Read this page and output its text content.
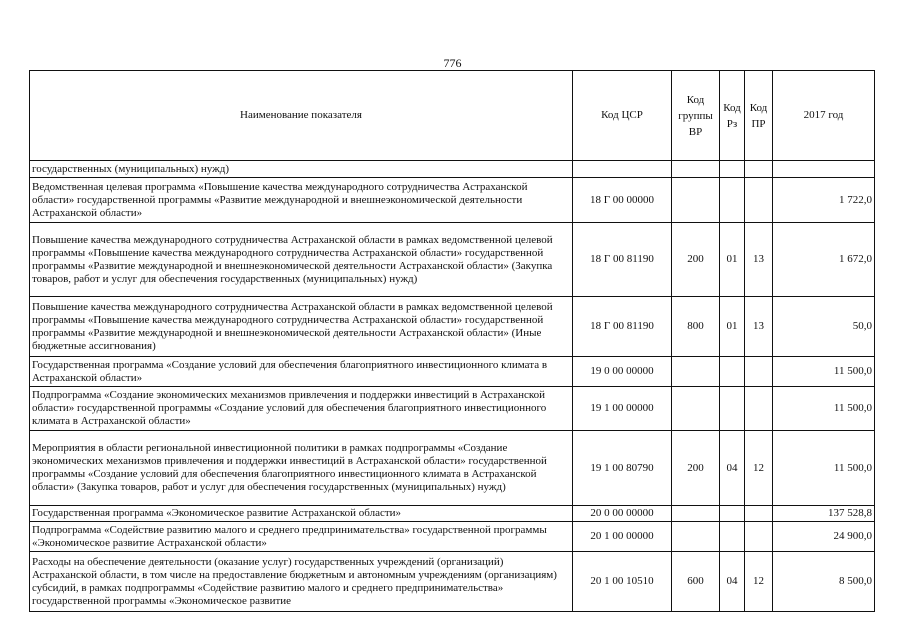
776
Наименование показателя	Код ЦСР	Код группы ВР	Код Рз	Код ПР	2017 год
государственных (муниципальных) нужд)					
Ведомственная целевая программа «Повышение качества международного сотрудничества Астраханской области» государственной программы «Развитие международной и внешнеэкономической деятельности Астраханской области»	18 Г 00 00000				1 722,0
Повышение качества международного сотрудничества Астраханской области в рамках ведомственной целевой программы «Повышение качества международного сотрудничества Астраханской области» государственной программы «Развитие международной и внешнеэкономической деятельности Астраханской области» (Закупка товаров, работ и услуг для обеспечения государственных (муниципальных) нужд)	18 Г 00 81190	200	01	13	1 672,0
Повышение качества международного сотрудничества Астраханской области в рамках ведомственной целевой программы «Повышение качества международного сотрудничества Астраханской области» государственной программы «Развитие международной и внешнеэкономической деятельности Астраханской области» (Иные бюджетные ассигнования)	18 Г 00 81190	800	01	13	50,0
Государственная программа «Создание условий для обеспечения благоприятного инвестиционного климата в Астраханской области»	19 0 00 00000				11 500,0
Подпрограмма «Создание экономических механизмов привлечения и поддержки инвестиций в Астраханской области» государственной программы «Создание условий для обеспечения благоприятного инвестиционного климата в Астраханской области»	19 1 00 00000				11 500,0
Мероприятия в области региональной инвестиционной политики в рамках подпрограммы «Создание экономических механизмов привлечения и поддержки инвестиций в Астраханской области» государственной программы «Создание условий для обеспечения благоприятного инвестиционного климата в Астраханской области» (Закупка товаров, работ и услуг для обеспечения государственных (муниципальных) нужд)	19 1 00 80790	200	04	12	11 500,0
Государственная программа «Экономическое развитие Астраханской области»	20 0 00 00000				137 528,8
Подпрограмма «Содействие развитию малого и среднего предпринимательства» государственной программы «Экономическое развитие Астраханской области»	20 1 00 00000				24 900,0
Расходы на обеспечение деятельности (оказание услуг) государственных учреждений (организаций) Астраханской области, в том числе на предоставление бюджетным и автономным учреждениям (организациям) субсидий, в рамках подпрограммы «Содействие развитию малого и среднего предпринимательства» государственной программы «Экономическое развитие	20 1 00 10510	600	04	12	8 500,0
